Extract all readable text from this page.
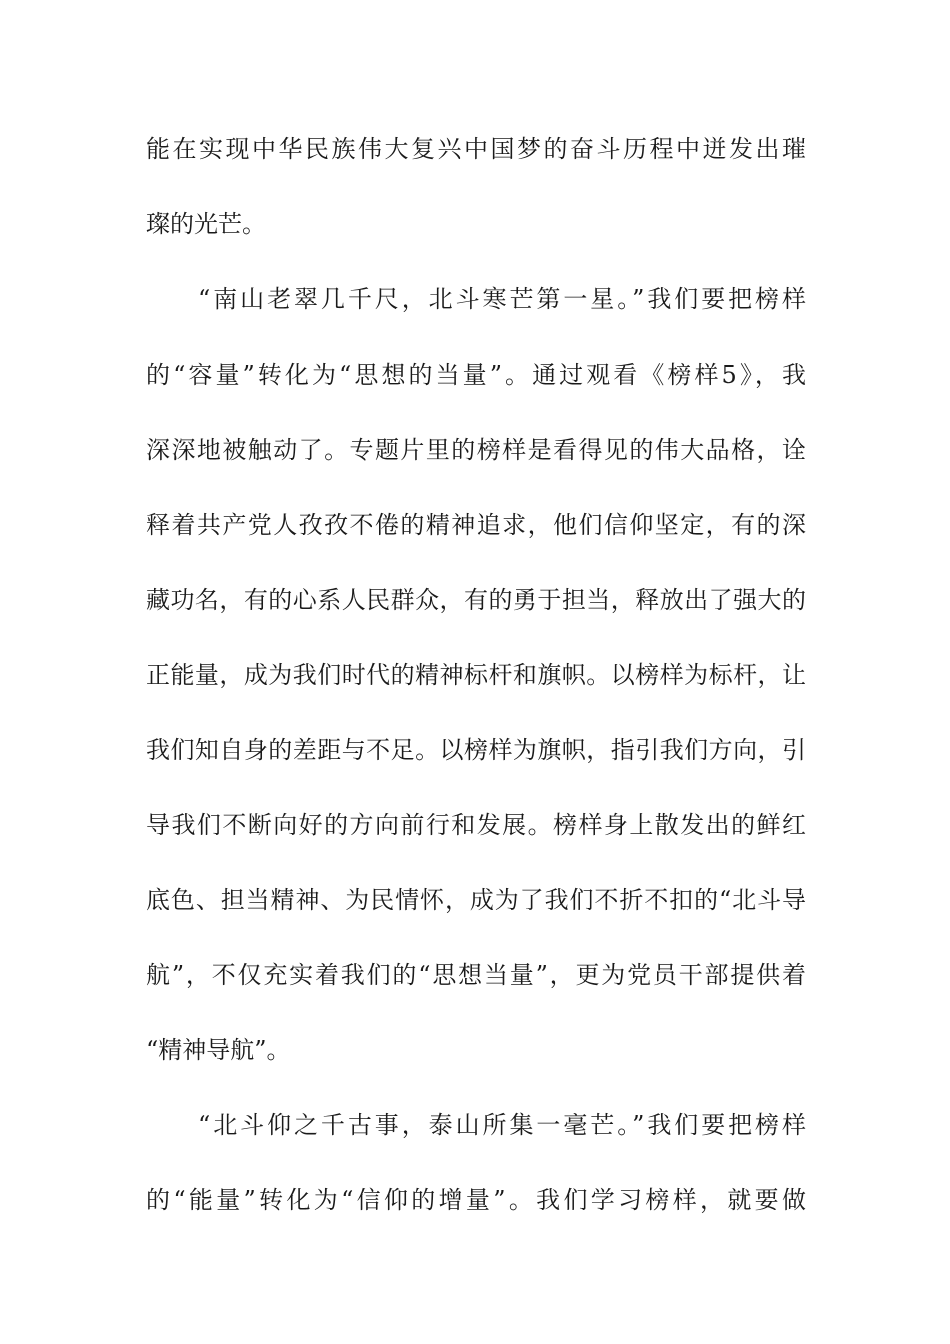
能在实现中华民族伟大复兴中国梦的奋斗历程中迸发出璀
璨的光芒。
“南山老翠几千尺，北斗寒芒第一星。”我们要把榜样
的“容量”转化为“思想的当量”。通过观看《榜样5》，我
深深地被触动了。专题片里的榜样是看得见的伟大品格，诠
释着共产党人孜孜不倦的精神追求，他们信仰坚定，有的深
藏功名，有的心系人民群众，有的勇于担当，释放出了强大的
正能量，成为我们时代的精神标杆和旗帜。以榜样为标杆，让
我们知自身的差距与不足。以榜样为旗帜，指引我们方向，引
导我们不断向好的方向前行和发展。榜样身上散发出的鲜红
底色、担当精神、为民情怀，成为了我们不折不扣的“北斗导
航”，不仅充实着我们的“思想当量”，更为党员干部提供着
“精神导航”。
“北斗仰之千古事，泰山所集一毫芒。”我们要把榜样
的“能量”转化为“信仰的增量”。我们学习榜样，就要做
